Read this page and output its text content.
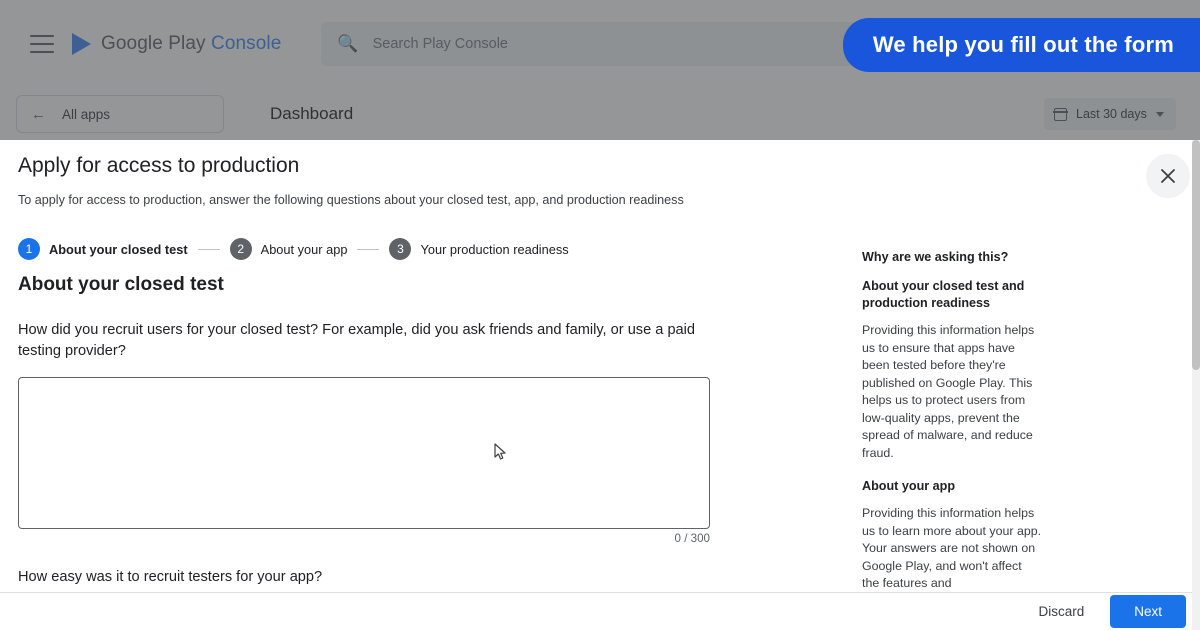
Apply for access to production
To apply for access to production, answer the following questions about your closed test, app, and production readiness
1	About your closed test	2	About your app	3	Your production readiness
About your closed test
How did you recruit users for your closed test? For example, did you ask friends and family, or use a paid testing provider?
0 / 300
How easy was it to recruit testers for your app?
Why are we asking this?
About your closed test and production readiness

Providing this information helps us to ensure that apps have been tested before they're published on Google Play. This helps us to protect users from low-quality apps, prevent the spread of malware, and reduce fraud.

About your app

Providing this information helps us to learn more about your app. Your answers are not shown on Google Play, and won't affect the features and

Discard	Next
We help you fill out the form
